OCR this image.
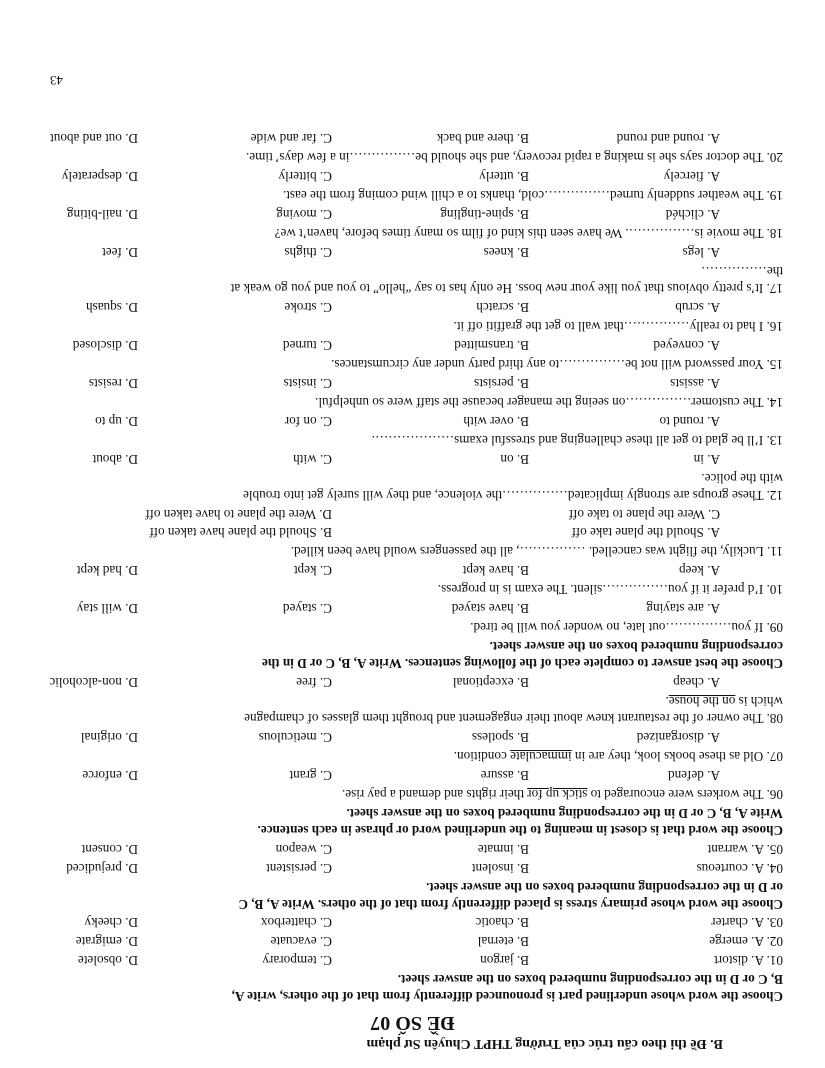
B. Đề thi theo cấu trúc của Trường THPT Chuyên Sư phạm
ĐỀ SỐ 07
Choose the word whose underlined part is pronounced differently from that of the others, write A,
B, C or D in the corresponding numbered boxes on the answer sheet.
01. A. distort
B. jargon
C. temporary
D. obsolete
02. A. emerge
B. eternal
C. evacuate
D. emigrate
03. A. charter
B. chaotic
C. chatterbox
D. cheeky
Choose the word whose primary stress is placed differently from that of the others. Write A, B, C
or D in the corresponding numbered boxes on the answer sheet.
04. A. courteous
B. insolent
C. persistent
D. prejudiced
05. A. warrant
B. inmate
C. weapon
D. consent
Choose the word that is closest in meaning to the underlined word or phrase in each sentence.
Write A, B, C or D in the corresponding numbered boxes on the answer sheet.
06. The workers were encouraged to stick up for their rights and demand a pay rise.
A. defend
B. assure
C. grant
D. enforce
07. Old as these books look, they are in immaculate condition.
A. disorganized
B. spotless
C. meticulous
D. original
08. The owner of the restaurant knew about their engagement and brought them glasses of champagne
which is on the house.
A. cheap
B. exceptional
C. free
D. non-alcoholic
Choose the best answer to complete each of the following sentences. Write A, B, C or D in the
corresponding numbered boxes on the answer sheet.
09. If you……………out late, no wonder you will be tired.
A. are staying
B. have stayed
C. stayed
D. will stay
10. I’d prefer it if you……………silent. The exam is in progress.
A. keep
B. have kept
C. kept
D. had kept
11. Luckily, the flight was cancelled. ……………, all the passengers would have been killed.
A. Should the plane take off
B. Should the plane have taken off
C. Were the plane to take off
D. Were the plane to have taken off
12. These groups are strongly implicated……………the violence, and they will surely get into trouble
with the police.
A. in
B. on
C. with
D. about
13. I’ll be glad to get all these challenging and stressful exams……………….
A. round to
B. over with
C. on for
D. up to
14. The customer……………on seeing the manager because the staff were so unhelpful.
A. assists
B. persists
C. insists
D. resists
15. Your password will not be……………to any third party under any circumstances.
A. conveyed
B. transmitted
C. turned
D. disclosed
16. I had to really……………that wall to get the graffiti off it.
A. scrub
B. scratch
C. stroke
D. squash
17. It’s pretty obvious that you like your new boss. He only has to say “hello” to you and you go weak at
the……………
A. legs
B. knees
C. thighs
D. feet
18. The movie is……………. We have seen this kind of film so many times before, haven’t we?
A. clichéd
B. spine-tingling
C. moving
D. nail-biting
19. The weather suddenly turned……………cold, thanks to a chill wind coming from the east.
A. fiercely
B. utterly
C. bitterly
D. desperately
20. The doctor says she is making a rapid recovery, and she should be……………in a few days’ time.
A. round and round
B. there and back
C. far and wide
D. out and about
43
